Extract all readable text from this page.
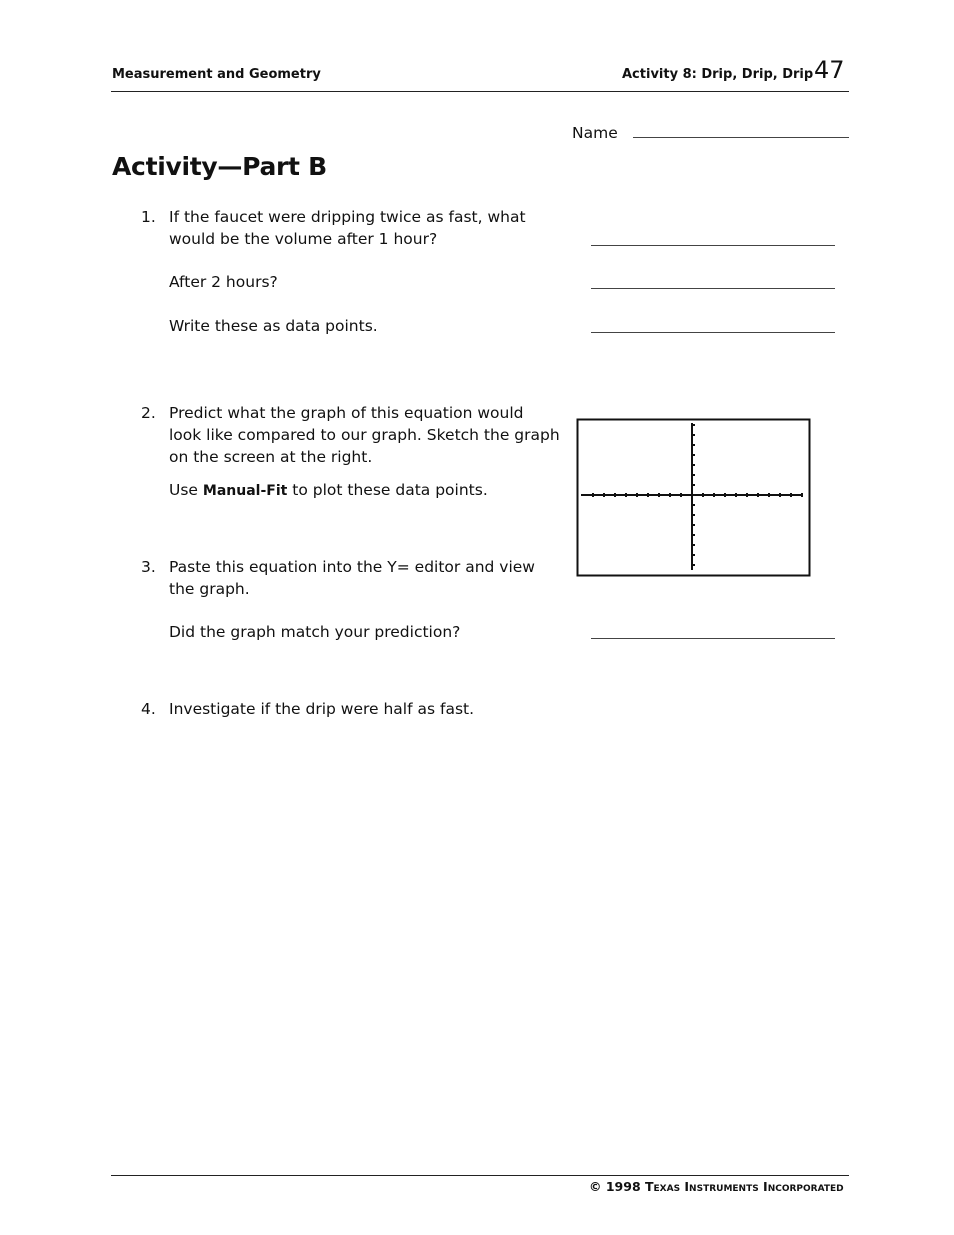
Measurement and Geometry	Activity 8: Drip, Drip, Drip 47
Name
Activity—Part B
1. If the faucet were dripping twice as fast, what
would be the volume after 1 hour?
After 2 hours?
Write these as data points.
2. Predict what the graph of this equation would
look like compared to our graph. Sketch the graph
on the screen at the right.
Use Manual-Fit to plot these data points.
3. Paste this equation into the Y= editor and view
the graph.
Did the graph match your prediction?
4. Investigate if the drip were half as fast.
© 1998 Texas Instruments Incorporated
